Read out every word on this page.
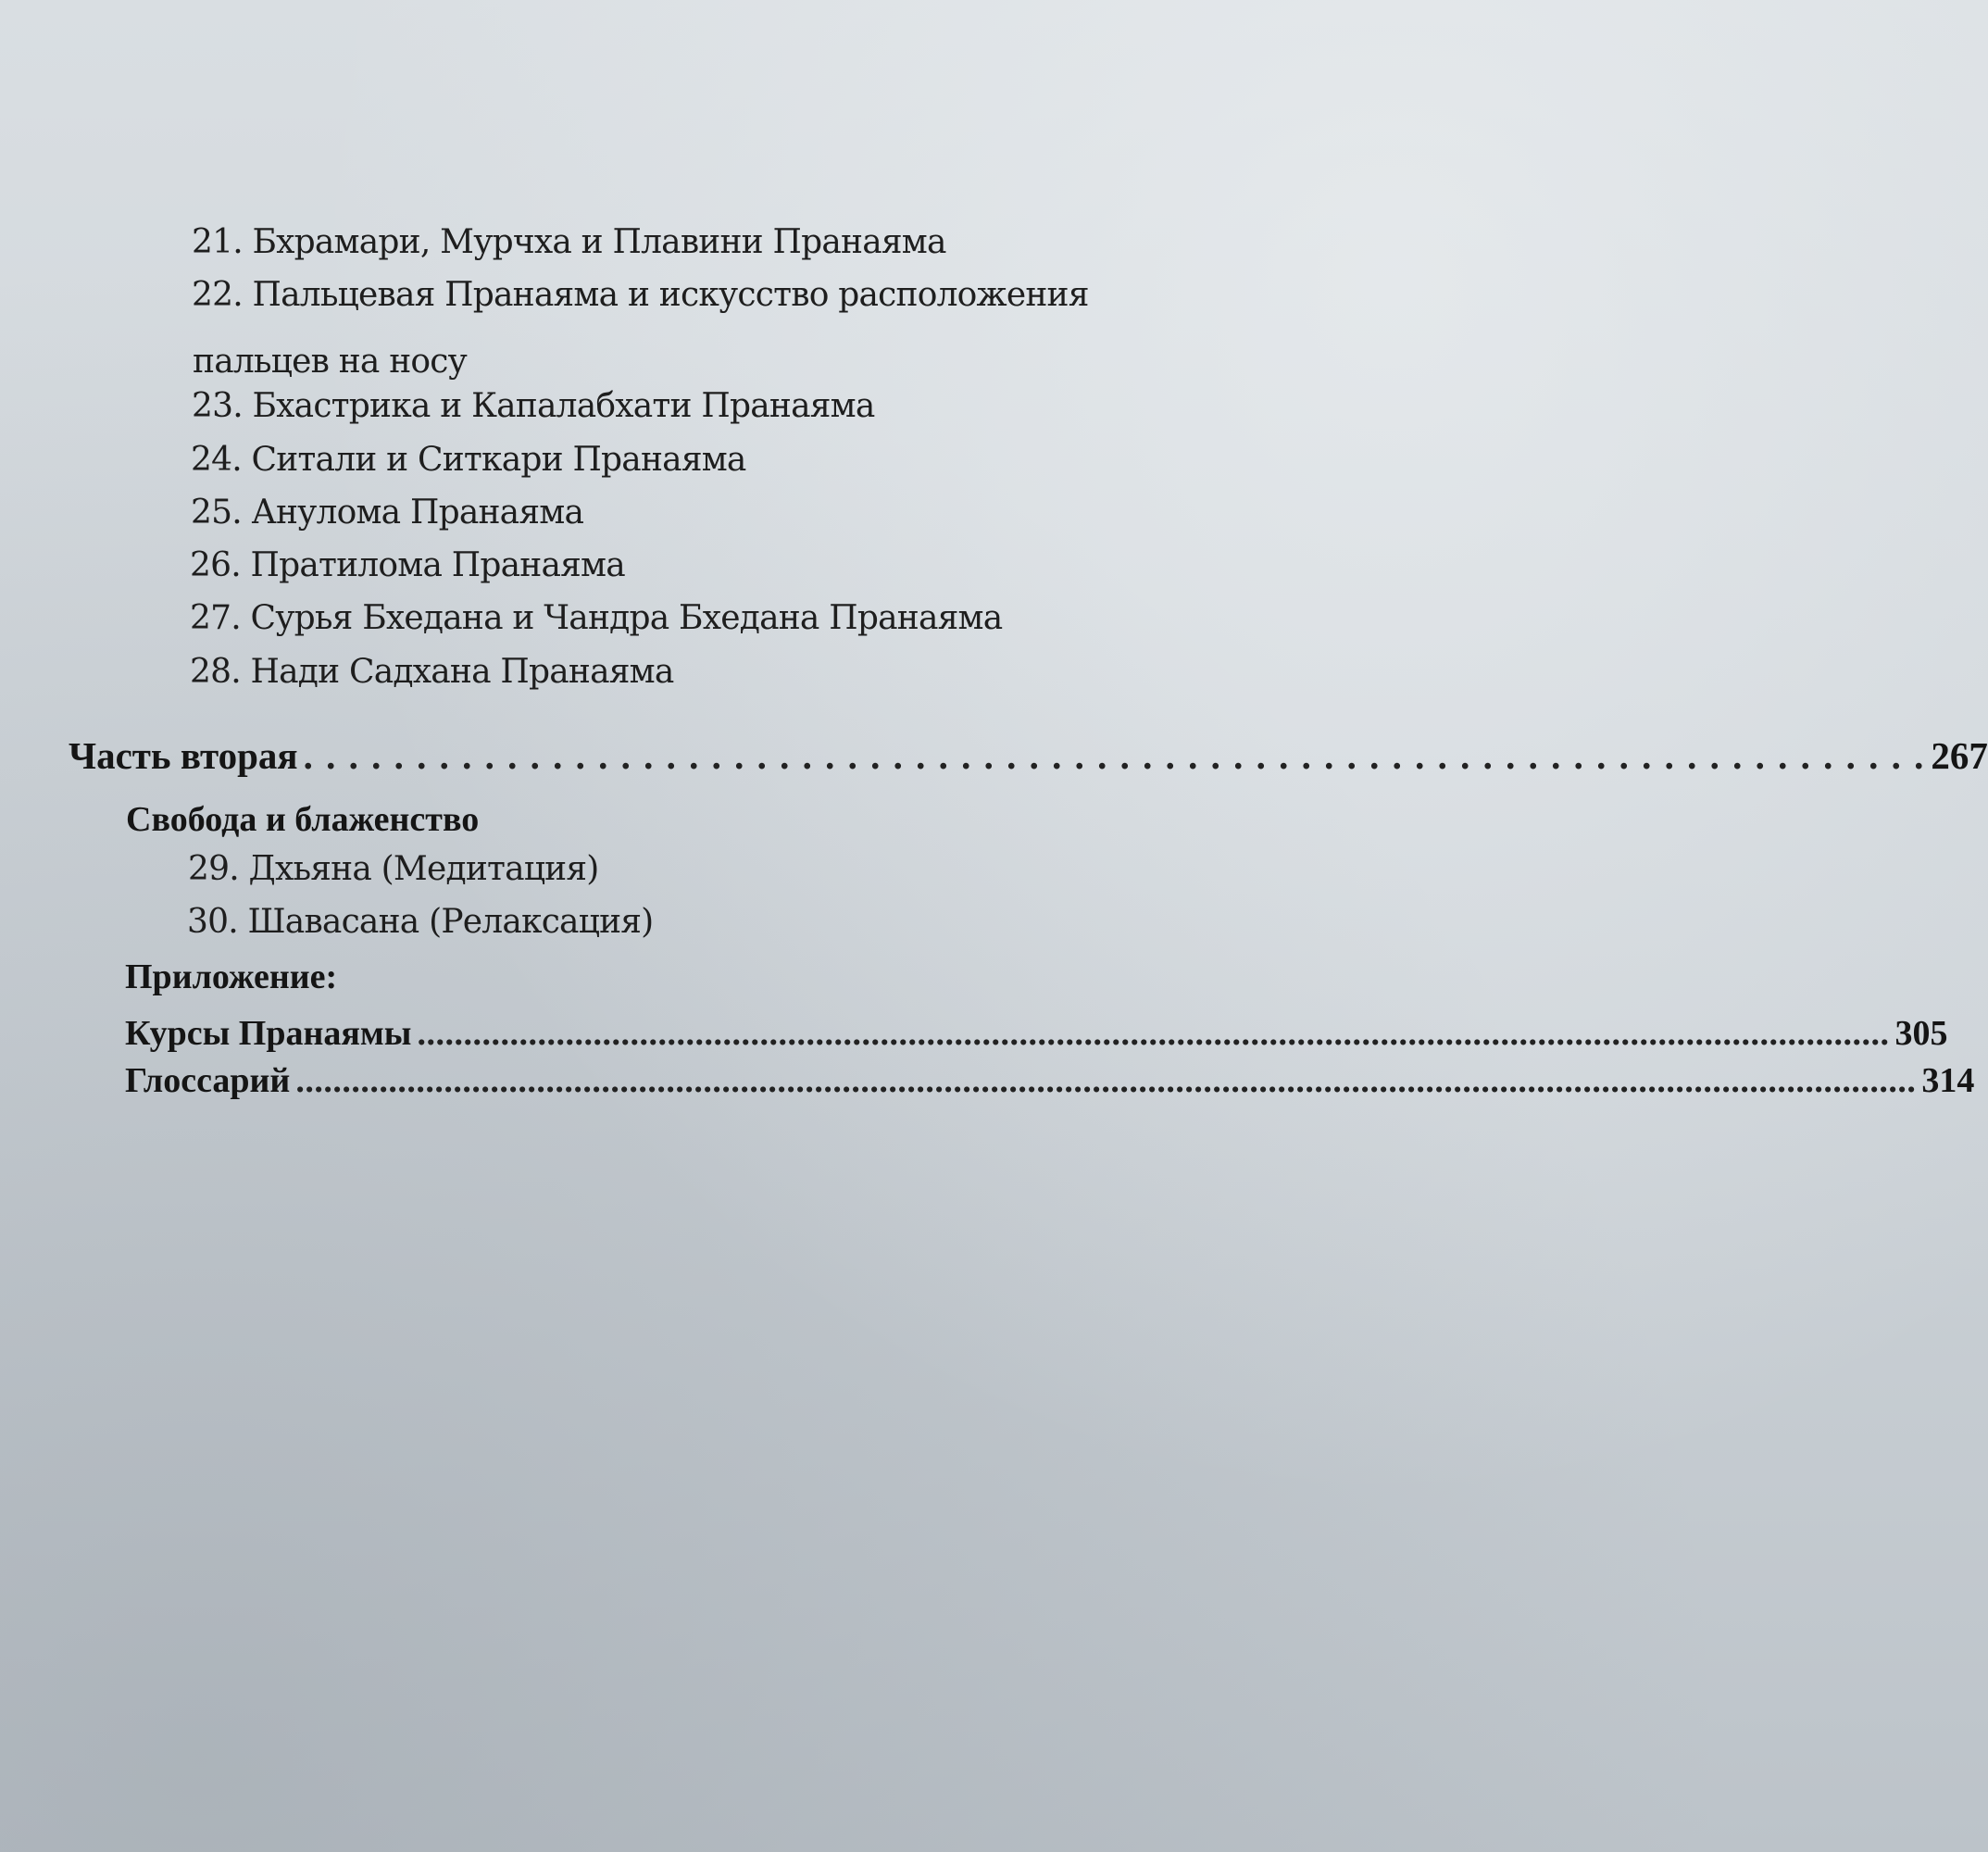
21. Бхрамари, Мурчха и Плавини Пранаяма
22. Пальцевая Пранаяма и искусство расположения
пальцев на носу
23. Бхастрика и Капалабхати Пранаяма
24. Ситали и Ситкари Пранаяма
25. Анулома Пранаяма
26. Пратилома Пранаяма
27. Сурья Бхедана и Чандра Бхедана Пранаяма
28. Нади Садхана Пранаяма
Часть вторая . . . . . . . . . . . . . . . . . . . . . . . . . . . . . . . . . . . . . . . . . . . . . . . . . . . . . . . . . . . . . . . . . . . . . . . . 267
Свобода и блаженство
29. Дхьяна (Медитация)
30. Шавасана (Релаксация)
Приложение:
Курсы Пранаямы ............................................................................................................................................................... 305
Глоссарий ............................................................................................................................................................................... 314
